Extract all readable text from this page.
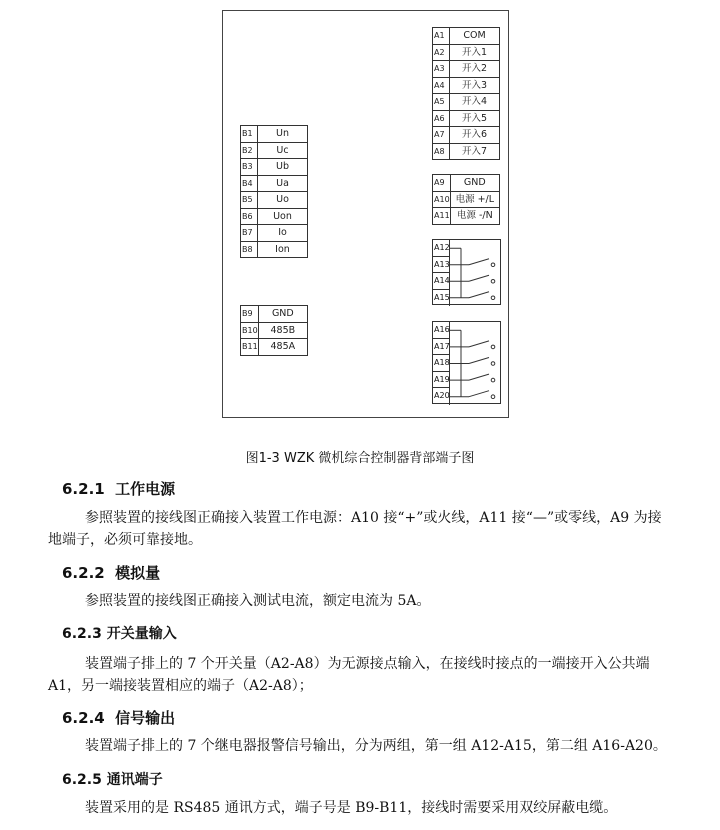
A1	COM
A2	开入1
A3	开入2
A4	开入3
A5	开入4
A6	开入5
A7	开入6
A8	开入7
A9	GND
A10	电源 +/L
A11	电源 -/N
B1	Un
B2	Uc
B3	Ub
B4	Ua
B5	Uo
B6	Uon
B7	Io
B8	Ion
B9	GND
B10	485B
B11	485A
A12
A13
A14
A15
A16
A17
A18
A19
A20
图1-3 WZK 微机综合控制器背部端子图
6.2.1 工作电源
参照装置的接线图正确接入装置工作电源：A10 接“+”或火线，A11 接“—”或零线，A9 为接地端子，必须可靠接地。
6.2.2 模拟量
参照装置的接线图正确接入测试电流，额定电流为 5A。
6.2.3 开关量输入
装置端子排上的 7 个开关量（A2-A8）为无源接点输入，在接线时接点的一端接开入公共端 A1，另一端接装置相应的端子（A2-A8）；
6.2.4 信号输出
装置端子排上的 7 个继电器报警信号输出，分为两组，第一组 A12-A15，第二组 A16-A20。
6.2.5 通讯端子
装置采用的是 RS485 通讯方式，端子号是 B9-B11，接线时需要采用双绞屏蔽电缆。
